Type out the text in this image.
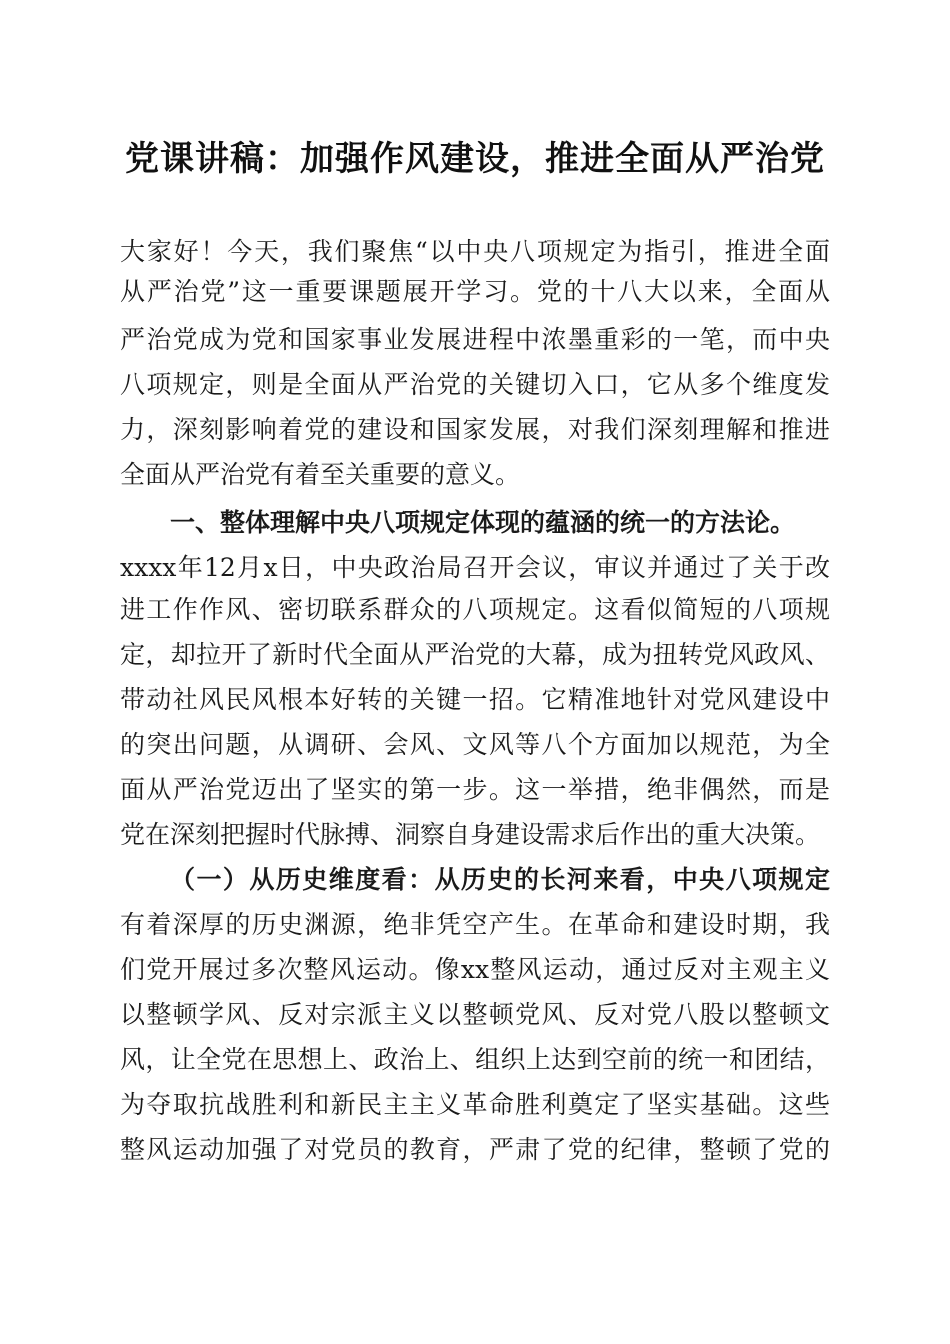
党课讲稿：加强作风建设，推进全面从严治党
大家好！今天，我们聚焦“以中央八项规定为指引，推进全面
从严治党”这一重要课题展开学习。党的十八大以来，全面从
严治党成为党和国家事业发展进程中浓墨重彩的一笔，而中央
八项规定，则是全面从严治党的关键切入口，它从多个维度发
力，深刻影响着党的建设和国家发展，对我们深刻理解和推进
全面从严治党有着至关重要的意义。
一、整体理解中央八项规定体现的蕴涵的统一的方法论。
xxxx年12月x日，中央政治局召开会议，审议并通过了关于改
进工作作风、密切联系群众的八项规定。这看似简短的八项规
定，却拉开了新时代全面从严治党的大幕，成为扭转党风政风、
带动社风民风根本好转的关键一招。它精准地针对党风建设中
的突出问题，从调研、会风、文风等八个方面加以规范，为全
面从严治党迈出了坚实的第一步。这一举措，绝非偶然，而是
党在深刻把握时代脉搏、洞察自身建设需求后作出的重大决策。
（一）从历史维度看：从历史的长河来看，中央八项规定
有着深厚的历史渊源，绝非凭空产生。在革命和建设时期，我
们党开展过多次整风运动。像xx整风运动，通过反对主观主义
以整顿学风、反对宗派主义以整顿党风、反对党八股以整顿文
风，让全党在思想上、政治上、组织上达到空前的统一和团结，
为夺取抗战胜利和新民主主义革命胜利奠定了坚实基础。这些
整风运动加强了对党员的教育，严肃了党的纪律，整顿了党的
